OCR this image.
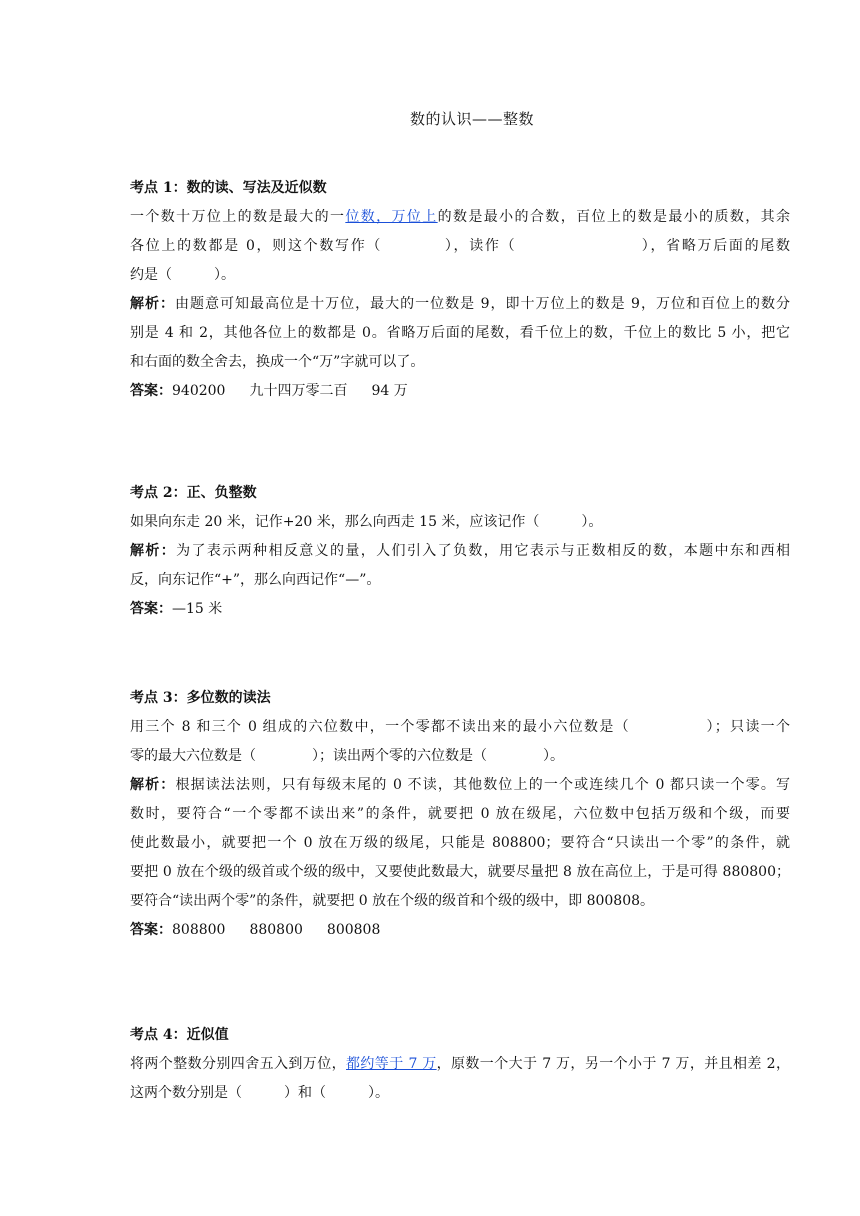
数的认识——整数
考点 1：数的读、写法及近似数
一个数十万位上的数是最大的一位数，万位上的数是最小的合数，百位上的数是最小的质数，其余
各位上的数都是 0，则这个数写作（　　　　），读作（　　　　　　　　），省略万后面的尾数
约是（　　　）。
解析：由题意可知最高位是十万位，最大的一位数是 9，即十万位上的数是 9，万位和百位上的数分
别是 4 和 2，其他各位上的数都是 0。省略万后面的尾数，看千位上的数，千位上的数比 5 小，把它
和右面的数全舍去，换成一个“万”字就可以了。
答案：940200 九十四万零二百 94 万
考点 2：正、负整数
如果向东走 20 米，记作+20 米，那么向西走 15 米，应该记作（　　　）。
解析：为了表示两种相反意义的量，人们引入了负数，用它表示与正数相反的数，本题中东和西相
反，向东记作“+”，那么向西记作“—”。
答案：—15 米
考点 3：多位数的读法
用三个 8 和三个 0 组成的六位数中，一个零都不读出来的最小六位数是（　　　　　）；只读一个
零的最大六位数是（　　　　）；读出两个零的六位数是（　　　　）。
解析：根据读法法则，只有每级末尾的 0 不读，其他数位上的一个或连续几个 0 都只读一个零。写
数时，要符合“一个零都不读出来”的条件，就要把 0 放在级尾，六位数中包括万级和个级，而要
使此数最小，就要把一个 0 放在万级的级尾，只能是 808800；要符合“只读出一个零”的条件，就
要把 0 放在个级的级首或个级的级中，又要使此数最大，就要尽量把 8 放在高位上，于是可得 880800；
要符合“读出两个零”的条件，就要把 0 放在个级的级首和个级的级中，即 800808。
答案：808800 880800 800808
考点 4：近似值
将两个整数分别四舍五入到万位，都约等于 7 万，原数一个大于 7 万，另一个小于 7 万，并且相差 2，
这两个数分别是（　　　）和（　　　）。
